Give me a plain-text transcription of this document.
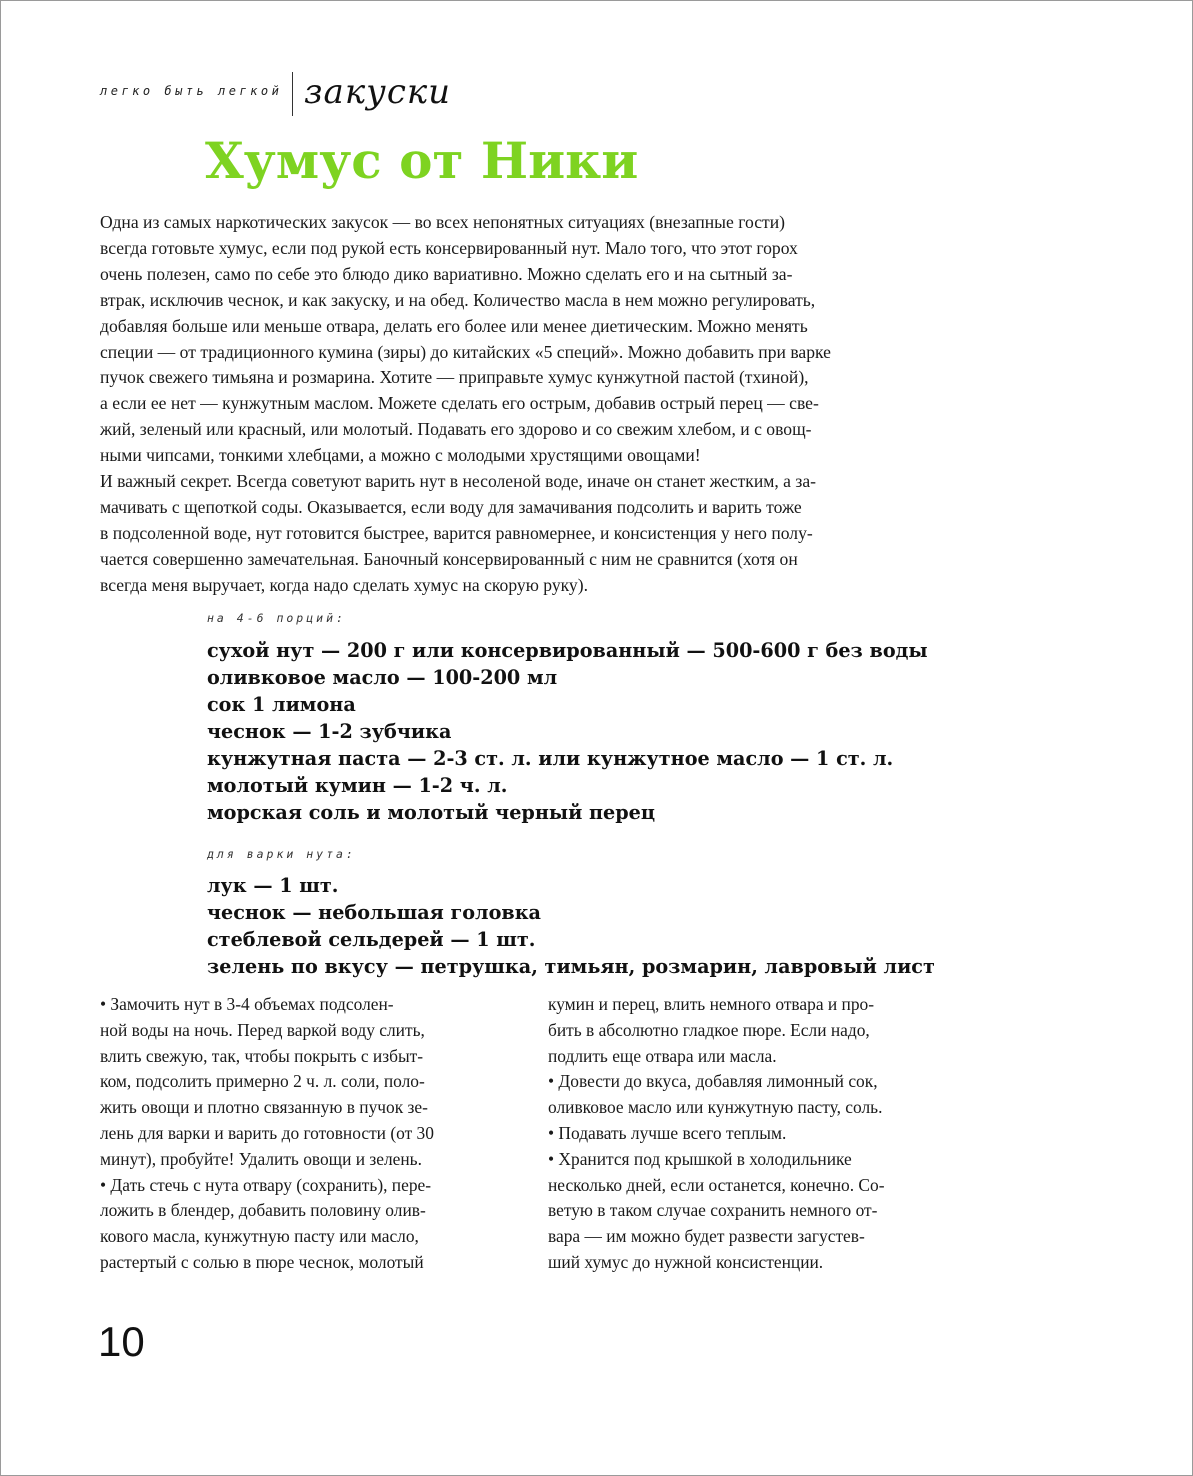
легко быть легкой закуски
Хумус от Ники
Одна из самых наркотических закусок — во всех непонятных ситуациях (внезапные гости)
всегда готовьте хумус, если под рукой есть консервированный нут. Мало того, что этот горох
очень полезен, само по себе это блюдо дико вариативно. Можно сделать его и на сытный за-
втрак, исключив чеснок, и как закуску, и на обед. Количество масла в нем можно регулировать,
добавляя больше или меньше отвара, делать его более или менее диетическим. Можно менять
специи — от традиционного кумина (зиры) до китайских «5 специй». Можно добавить при варке
пучок свежего тимьяна и розмарина. Хотите — приправьте хумус кунжутной пастой (тхиной),
а если ее нет — кунжутным маслом. Можете сделать его острым, добавив острый перец — све-
жий, зеленый или красный, или молотый. Подавать его здорово и со свежим хлебом, и с овощ-
ными чипсами, тонкими хлебцами, а можно с молодыми хрустящими овощами!
И важный секрет. Всегда советуют варить нут в несоленой воде, иначе он станет жестким, а за-
мачивать с щепоткой соды. Оказывается, если воду для замачивания подсолить и варить тоже
в подсоленной воде, нут готовится быстрее, варится равномернее, и консистенция у него полу-
чается совершенно замечательная. Баночный консервированный с ним не сравнится (хотя он
всегда меня выручает, когда надо сделать хумус на скорую руку).
на 4-6 порций:
сухой нут — 200 г или консервированный — 500-600 г без воды
оливковое масло — 100-200 мл
сок 1 лимона
чеснок — 1-2 зубчика
кунжутная паста — 2-3 ст. л. или кунжутное масло — 1 ст. л.
молотый кумин — 1-2 ч. л.
морская соль и молотый черный перец
для варки нута:
лук — 1 шт.
чеснок — небольшая головка
стеблевой сельдерей — 1 шт.
зелень по вкусу — петрушка, тимьян, розмарин, лавровый лист
• Замочить нут в 3-4 объемах подсолен-
ной воды на ночь. Перед варкой воду слить,
влить свежую, так, чтобы покрыть с избыт-
ком, подсолить примерно 2 ч. л. соли, поло-
жить овощи и плотно связанную в пучок зе-
лень для варки и варить до готовности (от 30
минут), пробуйте! Удалить овощи и зелень.
• Дать стечь с нута отвару (сохранить), пере-
ложить в блендер, добавить половину олив-
кового масла, кунжутную пасту или масло,
растертый с солью в пюре чеснок, молотый
кумин и перец, влить немного отвара и про-
бить в абсолютно гладкое пюре. Если надо,
подлить еще отвара или масла.
• Довести до вкуса, добавляя лимонный сок,
оливковое масло или кунжутную пасту, соль.
• Подавать лучше всего теплым.
• Хранится под крышкой в холодильнике
несколько дней, если останется, конечно. Со-
ветую в таком случае сохранить немного от-
вара — им можно будет развести загустев-
ший хумус до нужной консистенции.
10
